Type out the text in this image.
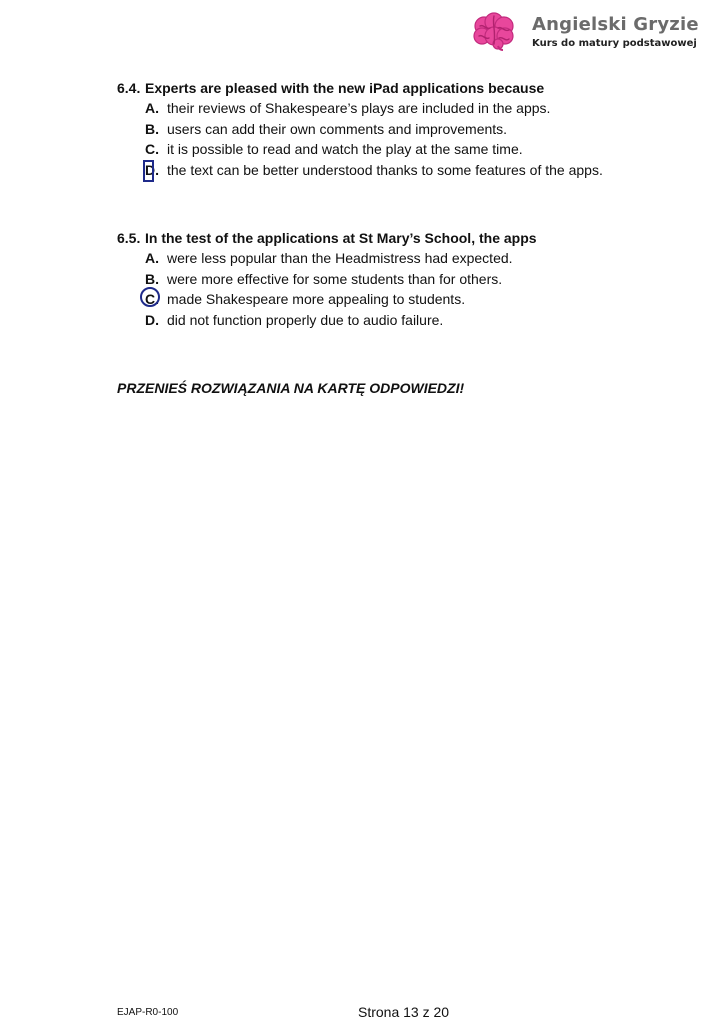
Angielski Gryzie
Kurs do matury podstawowej
6.4. Experts are pleased with the new iPad applications because
A. their reviews of Shakespeare’s plays are included in the apps.
B. users can add their own comments and improvements.
C. it is possible to read and watch the play at the same time.
D. the text can be better understood thanks to some features of the apps.
6.5. In the test of the applications at St Mary’s School, the apps
A. were less popular than the Headmistress had expected.
B. were more effective for some students than for others.
C. made Shakespeare more appealing to students.
D. did not function properly due to audio failure.
PRZENIEŚ ROZWIĄZANIA NA KARTĘ ODPOWIEDZI!
EJAP-R0-100	Strona 13 z 20
